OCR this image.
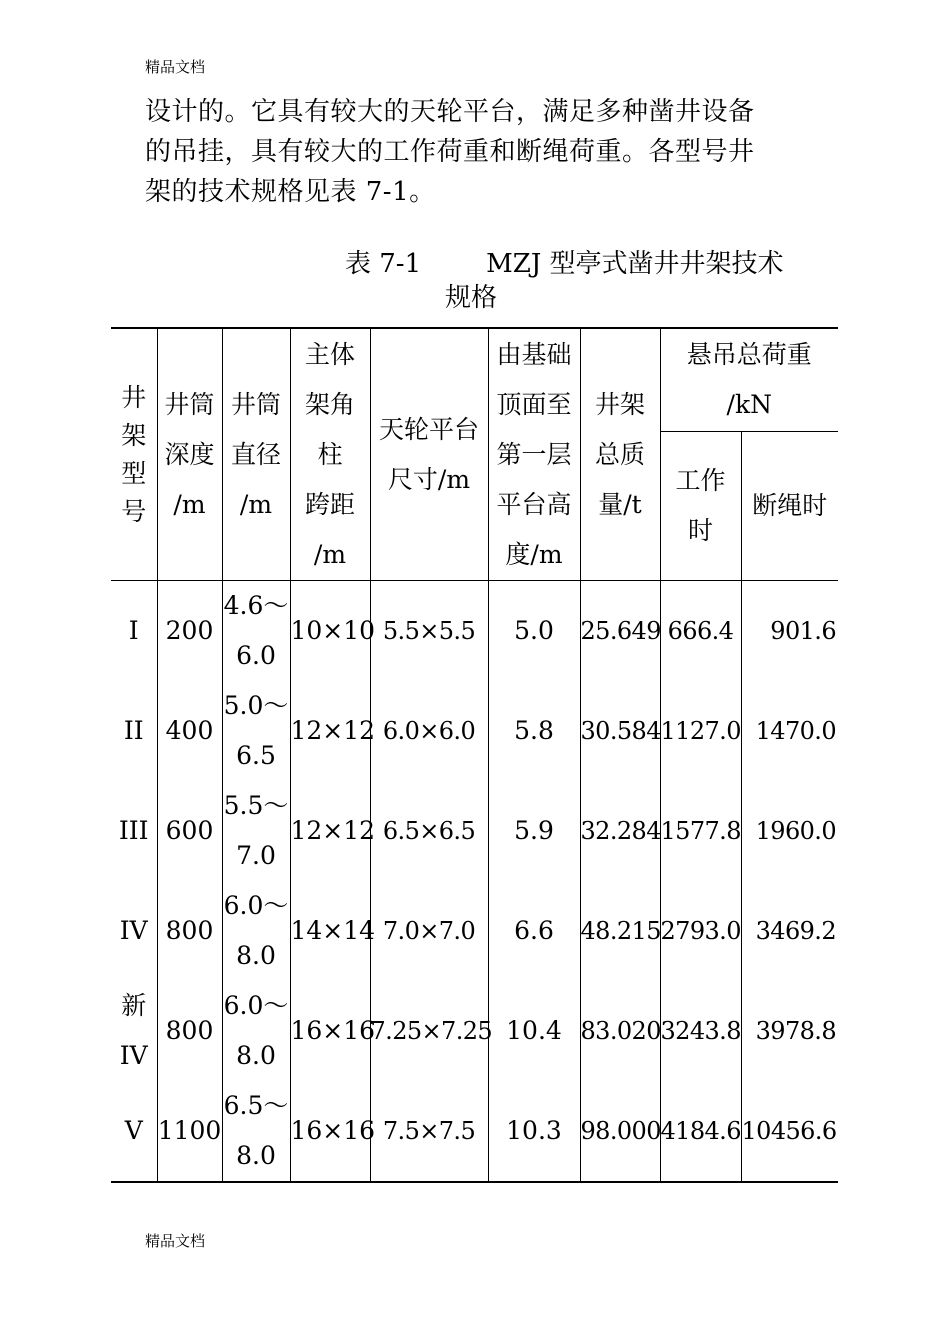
精品文档
设计的。它具有较大的天轮平台，满足多种凿井设备
的吊挂，具有较大的工作荷重和断绳荷重。各型号井
架的技术规格见表 7-1。
表 7-1	MZJ 型亭式凿井井架技术
规格
井
架
型
号	井筒
深度
/m	井筒
直径
/m	主体
架角
柱
跨距
/m	天轮平台
尺寸/m	由基础
顶面至
第一层
平台高
度/m	井架
总质
量/t	悬吊总荷重
/kN	
							工作
时	断绳时
I	200	4.6～
6.0	10×10	5.5×5.5	5.0	25.649	666.4	901.6
II	400	5.0～
6.5	12×12	6.0×6.0	5.8	30.584	1127.0	1470.0
III	600	5.5～
7.0	12×12	6.5×6.5	5.9	32.284	1577.8	1960.0
IV	800	6.0～
8.0	14×14	7.0×7.0	6.6	48.215	2793.0	3469.2
新
IV	800	6.0～
8.0	16×16	7.25×7.25	10.4	83.020	3243.8	3978.8
V	1100	6.5～
8.0	16×16	7.5×7.5	10.3	98.000	4184.6	10456.6
精品文档
